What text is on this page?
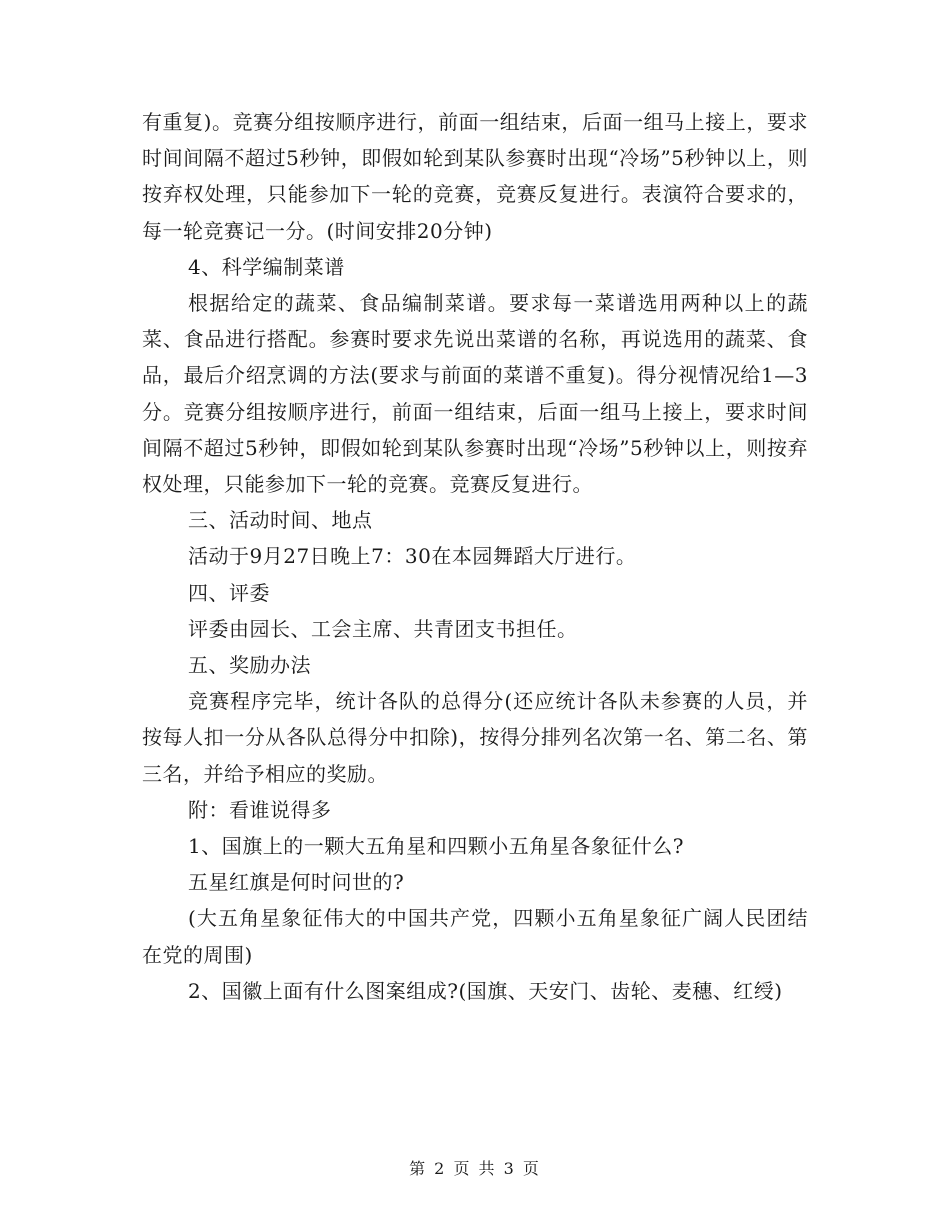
有重复)。竞赛分组按顺序进行，前面一组结束，后面一组马上接上，要求时间间隔不超过5秒钟，即假如轮到某队参赛时出现“冷场”5秒钟以上，则按弃权处理，只能参加下一轮的竞赛，竞赛反复进行。表演符合要求的，每一轮竞赛记一分。(时间安排20分钟)

4、科学编制菜谱

根据给定的蔬菜、食品编制菜谱。要求每一菜谱选用两种以上的蔬菜、食品进行搭配。参赛时要求先说出菜谱的名称，再说选用的蔬菜、食品，最后介绍烹调的方法(要求与前面的菜谱不重复)。得分视情况给1—3分。竞赛分组按顺序进行，前面一组结束，后面一组马上接上，要求时间间隔不超过5秒钟，即假如轮到某队参赛时出现“冷场”5秒钟以上，则按弃权处理，只能参加下一轮的竞赛。竞赛反复进行。

三、活动时间、地点

活动于9月27日晚上7：30在本园舞蹈大厅进行。

四、评委

评委由园长、工会主席、共青团支书担任。

五、奖励办法

竞赛程序完毕，统计各队的总得分(还应统计各队未参赛的人员，并按每人扣一分从各队总得分中扣除)，按得分排列名次第一名、第二名、第三名，并给予相应的奖励。

附：看谁说得多

1、国旗上的一颗大五角星和四颗小五角星各象征什么?

五星红旗是何时问世的?

(大五角星象征伟大的中国共产党，四颗小五角星象征广阔人民团结在党的周围)

2、国徽上面有什么图案组成?(国旗、天安门、齿轮、麦穗、红绶)

第 2 页 共 3 页
